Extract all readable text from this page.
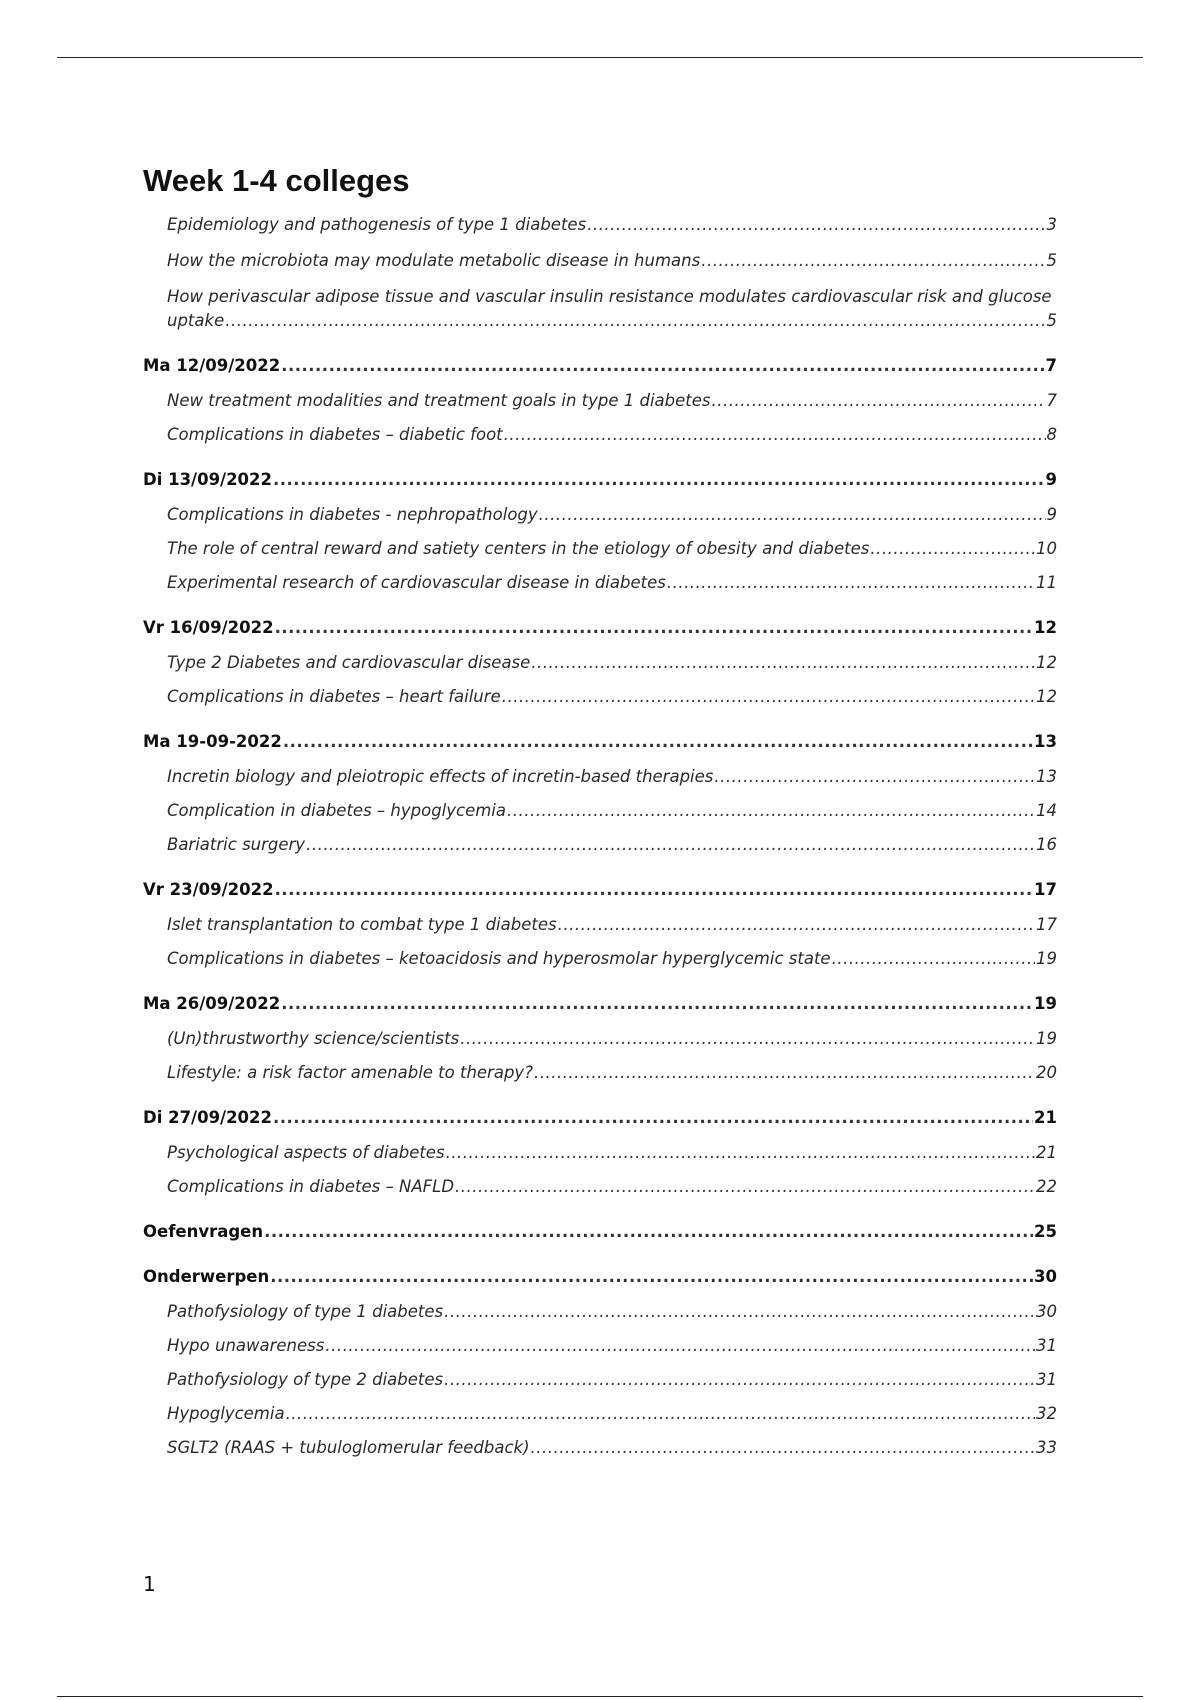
Week 1-4 colleges
Epidemiology and pathogenesis of type 1 diabetes .....	3
How the microbiota may modulate metabolic disease in humans .....	5
How perivascular adipose tissue and vascular insulin resistance modulates cardiovascular risk and glucose
uptake .....	5
Ma 12/09/2022 .....	7
New treatment modalities and treatment goals in type 1 diabetes .....	7
Complications in diabetes – diabetic foot .....	8
Di 13/09/2022 .....	9
Complications in diabetes - nephropathology .....	9
The role of central reward and satiety centers in the etiology of obesity and diabetes .....	10
Experimental research of cardiovascular disease in diabetes .....	11
Vr 16/09/2022 .....	12
Type 2 Diabetes and cardiovascular disease .....	12
Complications in diabetes – heart failure .....	12
Ma 19-09-2022 .....	13
Incretin biology and pleiotropic effects of incretin-based therapies .....	13
Complication in diabetes – hypoglycemia .....	14
Bariatric surgery .....	16
Vr 23/09/2022 .....	17
Islet transplantation to combat type 1 diabetes .....	17
Complications in diabetes – ketoacidosis and hyperosmolar hyperglycemic state .....	19
Ma 26/09/2022 .....	19
(Un)thrustworthy science/scientists .....	19
Lifestyle: a risk factor amenable to therapy? .....	20
Di 27/09/2022 .....	21
Psychological aspects of diabetes .....	21
Complications in diabetes – NAFLD .....	22
Oefenvragen .....	25
Onderwerpen .....	30
Pathofysiology of type 1 diabetes .....	30
Hypo unawareness .....	31
Pathofysiology of type 2 diabetes .....	31
Hypoglycemia .....	32
SGLT2 (RAAS + tubuloglomerular feedback) .....	33
1
